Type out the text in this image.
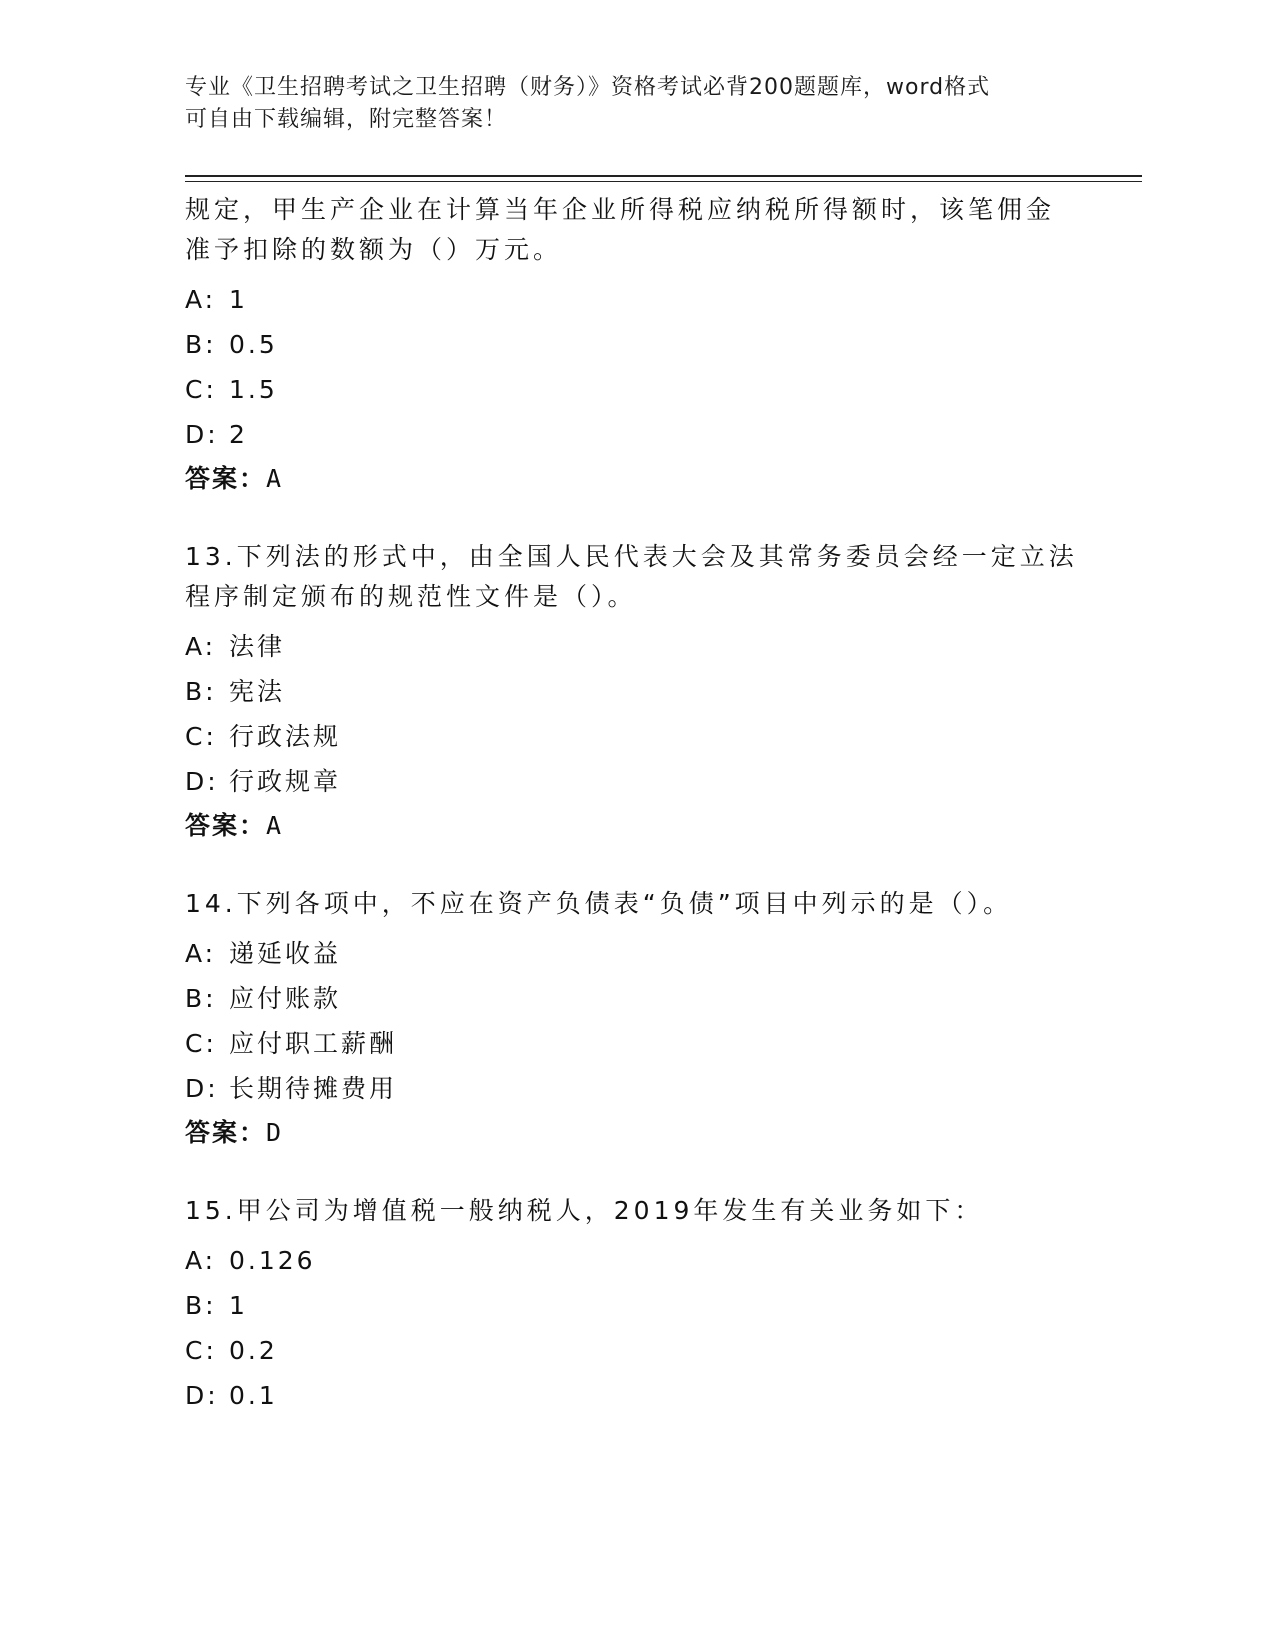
专业《卫生招聘考试之卫生招聘（财务）》资格考试必背200题题库，word格式
可自由下载编辑，附完整答案！
规定，甲生产企业在计算当年企业所得税应纳税所得额时，该笔佣金
准予扣除的数额为（）万元。
A: 1
B: 0.5
C: 1.5
D: 2
答案：A
13.下列法的形式中，由全国人民代表大会及其常务委员会经一定立法
程序制定颁布的规范性文件是（）。
A: 法律
B: 宪法
C: 行政法规
D: 行政规章
答案：A
14.下列各项中，不应在资产负债表“负债”项目中列示的是（）。
A: 递延收益
B: 应付账款
C: 应付职工薪酬
D: 长期待摊费用
答案：D
15.甲公司为增值税一般纳税人，2019年发生有关业务如下：
A: 0.126
B: 1
C: 0.2
D: 0.1
